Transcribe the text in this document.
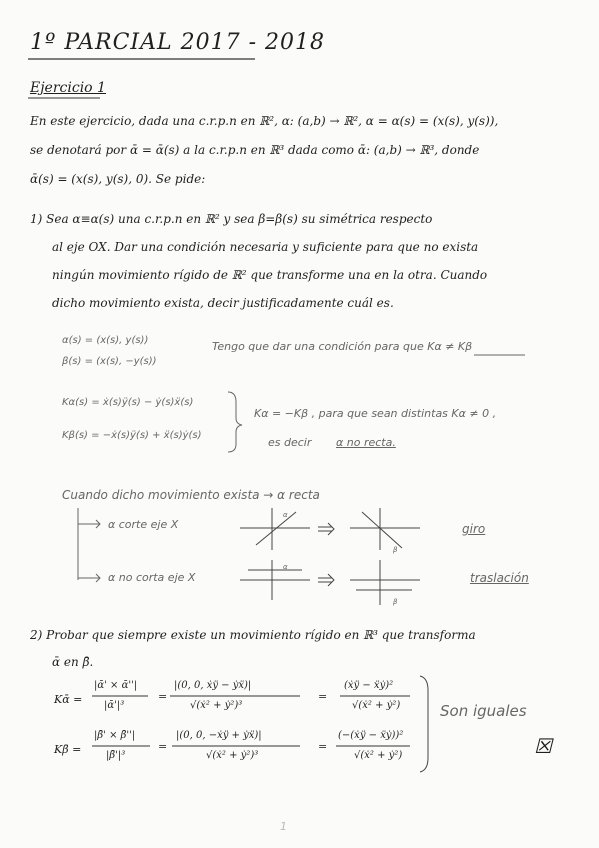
1º PARCIAL 2017 - 2018
Ejercicio 1
En este ejercicio, dada una c.r.p.n en ℝ², α: (a,b) → ℝ², α = α(s) = (x(s), y(s)),
se denotará por ᾱ = ᾱ(s) a la c.r.p.n en ℝ³ dada como ᾱ: (a,b) → ℝ³, donde
ᾱ(s) = (x(s), y(s), 0). Se pide:
1) Sea α≡α(s) una c.r.p.n en ℝ² y sea β=β(s) su simétrica respecto
al eje OX. Dar una condición necesaria y suficiente para que no exista
ningún movimiento rígido de ℝ² que transforme una en la otra. Cuando
dicho movimiento exista, decir justificadamente cuál es.
α(s) = (x(s), y(s))
β(s) = (x(s), −y(s))
Tengo que dar una condición para que Kα ≠ Kβ
Kα(s) = ẋ(s)ÿ(s) − ẏ(s)ẍ(s)
Kβ(s) = −ẋ(s)ÿ(s) + ẍ(s)ẏ(s)
Kα = −Kβ , para que sean distintas Kα ≠ 0 ,
es decir α no recta.
Cuando dicho movimiento exista → α recta
α corte eje X
α no corta eje X
giro
traslación
α
β
α
β
2) Probar que siempre existe un movimiento rígido en ℝ³ que transforma
ᾱ en β̄.
Kᾱ =
|ᾱ' × ᾱ''|
|ᾱ'|³
|(0, 0, ẋÿ − ẏẍ)|
√(ẋ² + ẏ²)³
(ẋÿ − ẍẏ)²
√(ẋ² + ẏ²)
Kβ̄ =
|β̄' × β̄''|
|β̄'|³
|(0, 0, −ẋÿ + ẏẍ)|
√(ẋ² + ẏ²)³
(−(ẋÿ − ẍẏ))²
√(ẋ² + ẏ²)
Son iguales
☒
1
=	=
=	=
